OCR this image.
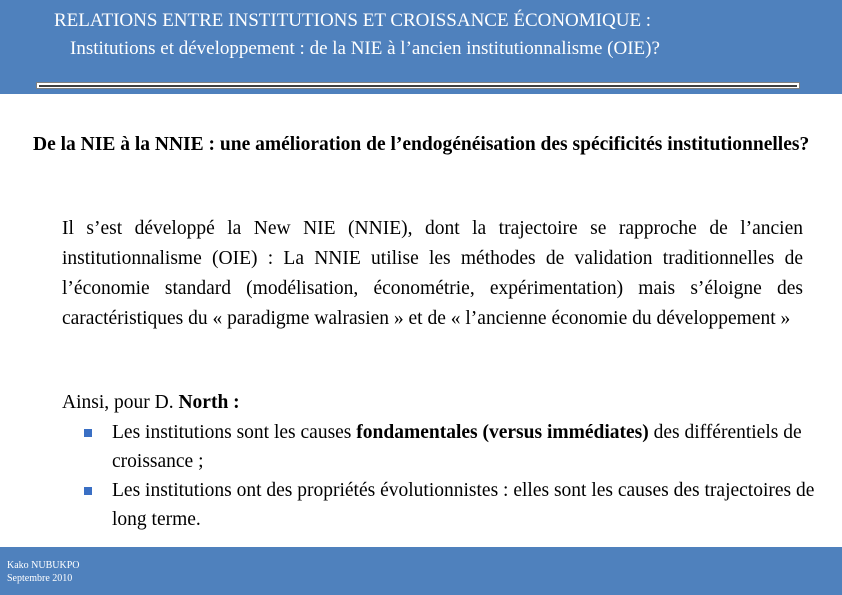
RELATIONS ENTRE INSTITUTIONS ET CROISSANCE ÉCONOMIQUE :
Institutions et développement : de la NIE à l’ancien institutionnalisme (OIE)?
De la NIE à la NNIE : une amélioration de l’endogénéisation des spécificités institutionnelles?
Il s’est développé la New NIE (NNIE), dont la trajectoire se rapproche de l’ancien institutionnalisme (OIE) : La NNIE utilise les méthodes de validation traditionnelles de l’économie standard (modélisation, économétrie, expérimentation) mais s’éloigne des caractéristiques du « paradigme walrasien » et de « l’ancienne économie du développement »
Ainsi, pour D. North :
Les institutions sont les causes fondamentales (versus immédiates) des différentiels de croissance ;
Les institutions ont des propriétés évolutionnistes : elles sont les causes des trajectoires de long terme.
Kako NUBUKPO
Septembre 2010
